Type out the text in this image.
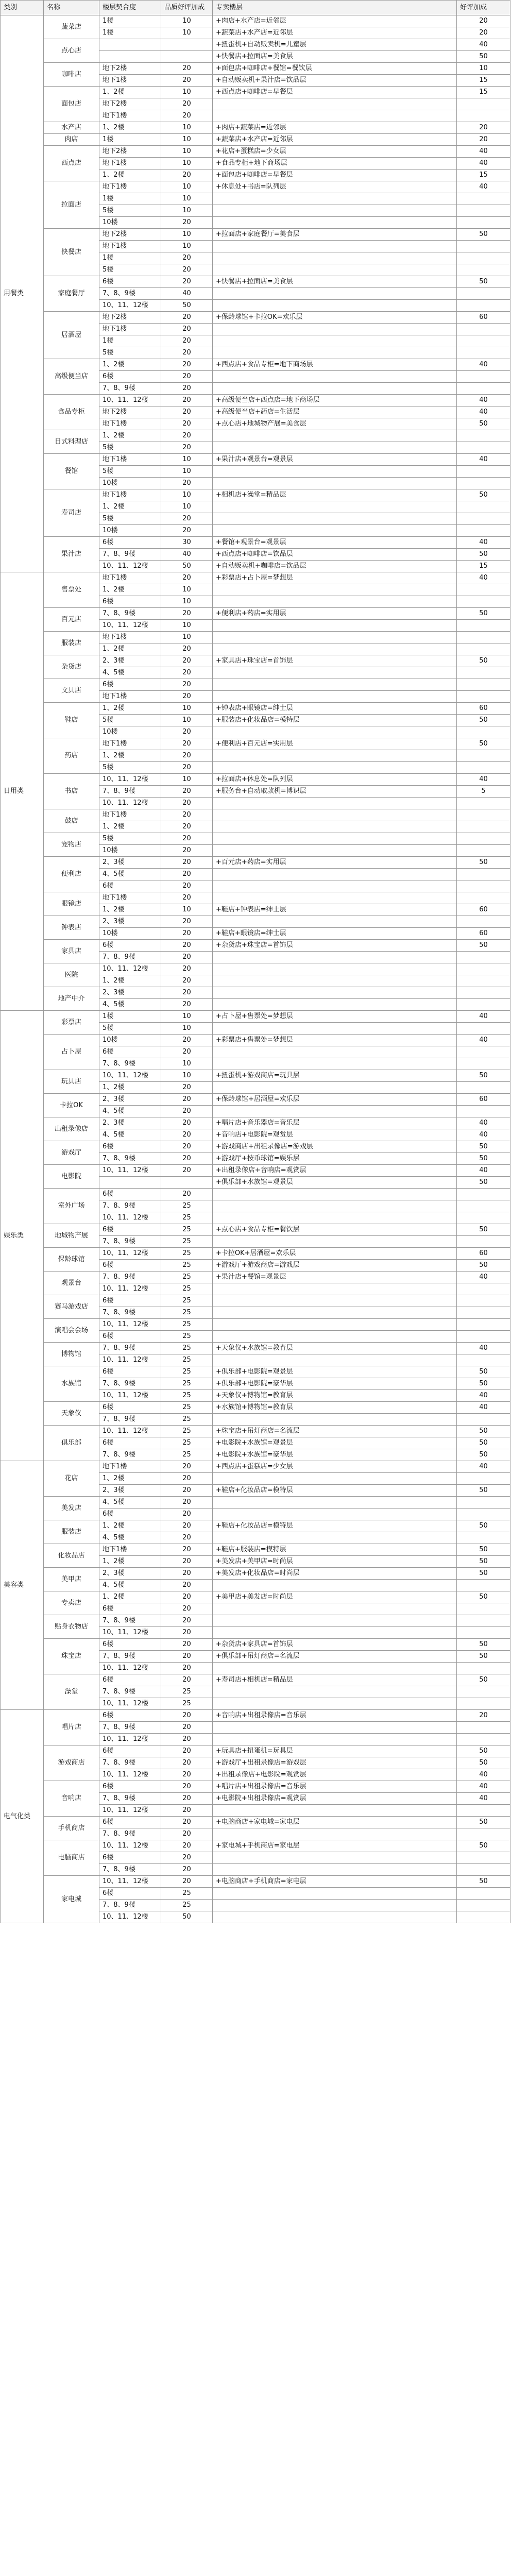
类别	名称	楼层契合度	品质好评加成	专卖楼层	好评加成
用餐类	蔬菜店	1楼	10	+肉店+水产店=近邻层	20
		1楼	10	+蔬菜店+水产店=近邻层	20
	点心店			+扭蛋机+自动贩卖机=儿童层	40
				+快餐店+拉面店=美食层	50
	咖啡店	地下2楼	20	+面包店+咖啡店+餐馆=餐饮层	10
		地下1楼	20	+自动贩卖机+果汁店=饮品层	15
	面包店	1、2楼	10	+西点店+咖啡店=早餐层	15
		地下2楼	20		
		地下1楼	20		
	水产店	1、2楼	10	+肉店+蔬菜店=近邻层	20
	肉店	1楼	10	+蔬菜店+水产店=近邻层	20
	西点店	地下2楼	10	+花店+蛋糕店=少女层	40
		地下1楼	10	+食品专柜+地下商场层	40
		1、2楼	20	+面包店+咖啡店=早餐层	15
	拉面店	地下1楼	10	+休息处+书店=队列层	40
		1楼	10		
		5楼	10		
		10楼	20		
	快餐店	地下2楼	10	+拉面店+家庭餐厅=美食层	50
		地下1楼	10		
		1楼	20		
		5楼	20		
	家庭餐厅	6楼	20	+快餐店+拉面店=美食层	50
		7、8、9楼	40		
		10、11、12楼	50		
	居酒屋	地下2楼	20	+保龄球馆+卡拉OK=欢乐层	60
		地下1楼	20		
		1楼	20		
		5楼	20		
	高级便当店	1、2楼	20	+西点店+食品专柜=地下商场层	40
		6楼	20		
		7、8、9楼	20		
	食品专柜	10、11、12楼	20	+高级便当店+西点店=地下商场层	40
		地下2楼	20	+高级便当店+药店=生活层	40
		地下1楼	20	+点心店+地城物产展=美食层	50
	日式料理店	1、2楼	20		
		5楼	20		
	餐馆	地下1楼	10	+果汁店+观景台=观景层	40
		5楼	10		
		10楼	20		
	寿司店	地下1楼	10	+相机店+澡堂=精品层	50
		1、2楼	10		
		5楼	20		
		10楼	20		
	果汁店	6楼	30	+餐馆+观景台=观景层	40
		7、8、9楼	40	+西点店+咖啡店=饮品层	50
		10、11、12楼	50	+自动贩卖机+咖啡店=饮品层	15
日用类	售票处	地下1楼	20	+彩票店+占卜屋=梦想层	40
		1、2楼	10		
		6楼	10		
	百元店	7、8、9楼	20	+便利店+药店=实用层	50
		10、11、12楼	10		
	服装店	地下1楼	10		
		1、2楼	20		
	杂货店	2、3楼	20	+家具店+珠宝店=首饰层	50
		4、5楼	20		
	文具店	6楼	20		
		地下1楼	20		
	鞋店	1、2楼	10	+钟表店+眼镜店=绅士层	60
		5楼	10	+服装店+化妆品店=模特层	50
		10楼	20		
	药店	地下1楼	20	+便利店+百元店=实用层	50
		1、2楼	20		
		5楼	20		
	书店	10、11、12楼	10	+拉面店+休息处=队列层	40
		7、8、9楼	20	+服务台+自动取款机=博识层	5
		10、11、12楼	20		
	鼓店	地下1楼	20		
		1、2楼	20		
	宠物店	5楼	20		
		10楼	20		
	便利店	2、3楼	20	+百元店+药店=实用层	50
		4、5楼	20		
		6楼	20		
	眼镜店	地下1楼	20		
		1、2楼	10	+鞋店+钟表店=绅士层	60
	钟表店	2、3楼	20		
		10楼	20	+鞋店+眼镜店=绅士层	60
	家具店	6楼	20	+杂货店+珠宝店=首饰层	50
		7、8、9楼	20		
	医院	10、11、12楼	20		
		1、2楼	20		
	地产中介	2、3楼	20		
		4、5楼	20		
娱乐类	彩票店	1楼	10	+占卜屋+售票处=梦想层	40
		5楼	10		
	占卜屋	10楼	20	+彩票店+售票处=梦想层	40
		6楼	20		
		7、8、9楼	10		
	玩具店	10、11、12楼	10	+扭蛋机+游戏商店=玩具层	50
		1、2楼	20		
	卡拉OK	2、3楼	20	+保龄球馆+居酒屋=欢乐层	60
		4、5楼	20		
	出租录像店	2、3楼	20	+唱片店+音乐器店=音乐层	40
		4、5楼	20	+音响店+电影院=观赏层	40
	游戏厅	6楼	20	+游戏商店+出租录像店=游戏层	50
		7、8、9楼	20	+游戏厅+按币球馆=娱乐层	50
	电影院	10、11、12楼	20	+出租录像店+音响店=观赏层	40
				+俱乐部+水族馆=观景层	50
	室外广场	6楼	20		
		7、8、9楼	25		
		10、11、12楼	25		
	地城物产展	6楼	25	+点心店+食品专柜=餐饮层	50
		7、8、9楼	25		
	保龄球馆	10、11、12楼	25	+卡拉OK+居酒屋=欢乐层	60
		6楼	25	+游戏厅+游戏商店=游戏层	50
	观景台	7、8、9楼	25	+果汁店+餐馆=观景层	40
		10、11、12楼	25		
	赛马游戏店	6楼	25		
		7、8、9楼	25		
	演唱会会场	10、11、12楼	25		
		6楼	25		
	博物馆	7、8、9楼	25	+天象仪+水族馆=教育层	40
		10、11、12楼	25		
	水族馆	6楼	25	+俱乐部+电影院=观景层	50
		7、8、9楼	25	+俱乐部+电影院=豪华层	50
		10、11、12楼	25	+天象仪+博物馆=教育层	40
	天象仪	6楼	25	+水族馆+博物馆=教育层	40
		7、8、9楼	25		
	俱乐部	10、11、12楼	25	+珠宝店+吊灯商店=名流层	50
		6楼	25	+电影院+水族馆=观景层	50
		7、8、9楼	25	+电影院+水族馆=豪华层	50
美容类	花店	地下1楼	20	+西点店+蛋糕店=少女层	40
		1、2楼	20		
		2、3楼	20	+鞋店+化妆品店=模特层	50
	美发店	4、5楼	20		
		6楼	20		
	服装店	1、2楼	20	+鞋店+化妆品店=模特层	50
		4、5楼	20		
	化妆品店	地下1楼	20	+鞋店+服装店=模特层	50
		1、2楼	20	+美发店+美甲店=时尚层	50
	美甲店	2、3楼	20	+美发店+化妆品店=时尚层	50
		4、5楼	20		
	专卖店	1、2楼	20	+美甲店+美发店=时尚层	50
		6楼	20		
	贴身衣物店	7、8、9楼	20		
		10、11、12楼	20		
	珠宝店	6楼	20	+杂货店+家具店=首饰层	50
		7、8、9楼	20	+俱乐部+吊灯商店=名流层	50
		10、11、12楼	20		
	澡堂	6楼	20	+寿司店+相机店=精品层	50
		7、8、9楼	25		
		10、11、12楼	25		
电气化类	唱片店	6楼	20	+音响店+出租录像店=音乐层	20
		7、8、9楼	20		
		10、11、12楼	20		
	游戏商店	6楼	20	+玩具店+扭蛋机=玩具层	50
		7、8、9楼	20	+游戏厅+出租录像店=游戏层	50
		10、11、12楼	20	+出租录像店+电影院=观赏层	40
	音响店	6楼	20	+唱片店+出租录像店=音乐层	40
		7、8、9楼	20	+电影院+出租录像店=观赏层	40
		10、11、12楼	20		
	手机商店	6楼	20	+电脑商店+家电城=家电层	50
		7、8、9楼	20		
	电脑商店	10、11、12楼	20	+家电城+手机商店=家电层	50
		6楼	20		
		7、8、9楼	20		
	家电城	10、11、12楼	20	+电脑商店+手机商店=家电层	50
		6楼	25		
		7、8、9楼	25		
		10、11、12楼	50		
